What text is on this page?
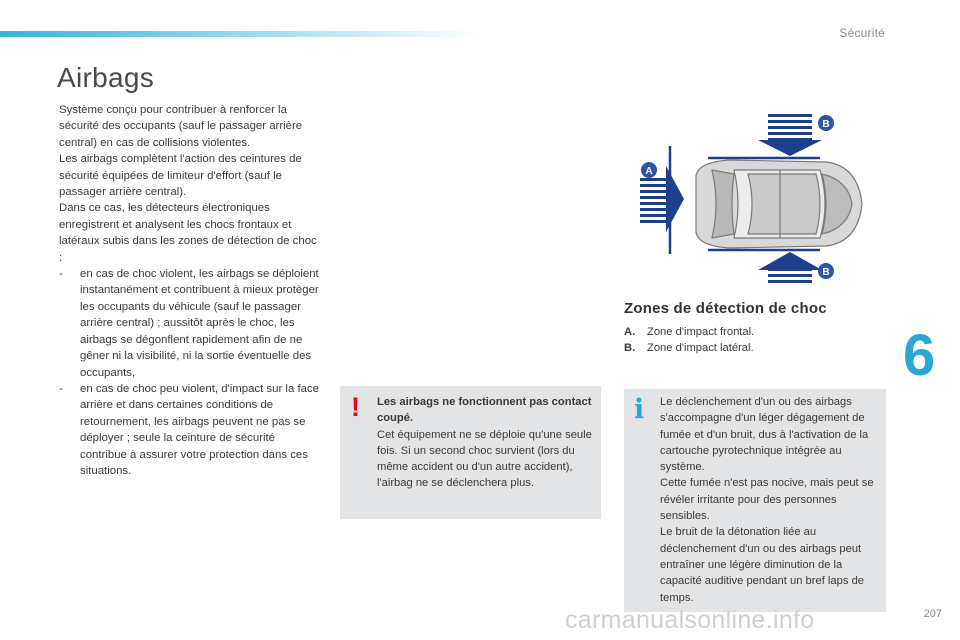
Sécurité
Airbags

Système conçu pour contribuer à renforcer la sécurité des occupants (sauf le passager arrière central) en cas de collisions violentes.

Les airbags complètent l'action des ceintures de sécurité équipées de limiteur d'effort (sauf le passager arrière central).

Dans ce cas, les détecteurs électroniques enregistrent et analysent les chocs frontaux et latéraux subis dans les zones de détection de choc :

- en cas de choc violent, les airbags se déploient instantanément et contribuent à mieux protèger les occupants du véhicule (sauf le passager arrière central) ; aussitôt après le choc, les airbags se dégonflent rapidement afin de ne gêner ni la visibilité, ni la sortie éventuelle des occupants,
- en cas de choc peu violent, d'impact sur la face arrière et dans certaines conditions de retournement, les airbags peuvent ne pas se déployer ; seule la ceinture de sécurité contribue à assurer votre protection dans ces situations.
A
B
B
Zones de détection de choc
A.	Zone d'impact frontal.
B.	Zone d'impact latéral.
! Les airbags ne fonctionnent pas contact coupé.
Cet équipement ne se déploie qu'une seule fois. Si un second choc survient (lors du même accident ou d'un autre accident), l'airbag ne se déclenchera plus.
i Le déclenchement d'un ou des airbags s'accompagne d'un léger dégagement de fumée et d'un bruit, dus à l'activation de la cartouche pyrotechnique intégrée au système.
Cette fumée n'est pas nocive, mais peut se révéler irritante pour des personnes sensibles.
Le bruit de la détonation liée au déclenchement d'un ou des airbags peut entraîner une légère diminution de la capacité auditive pendant un bref laps de temps.
6
207
carmanualsonline.info
